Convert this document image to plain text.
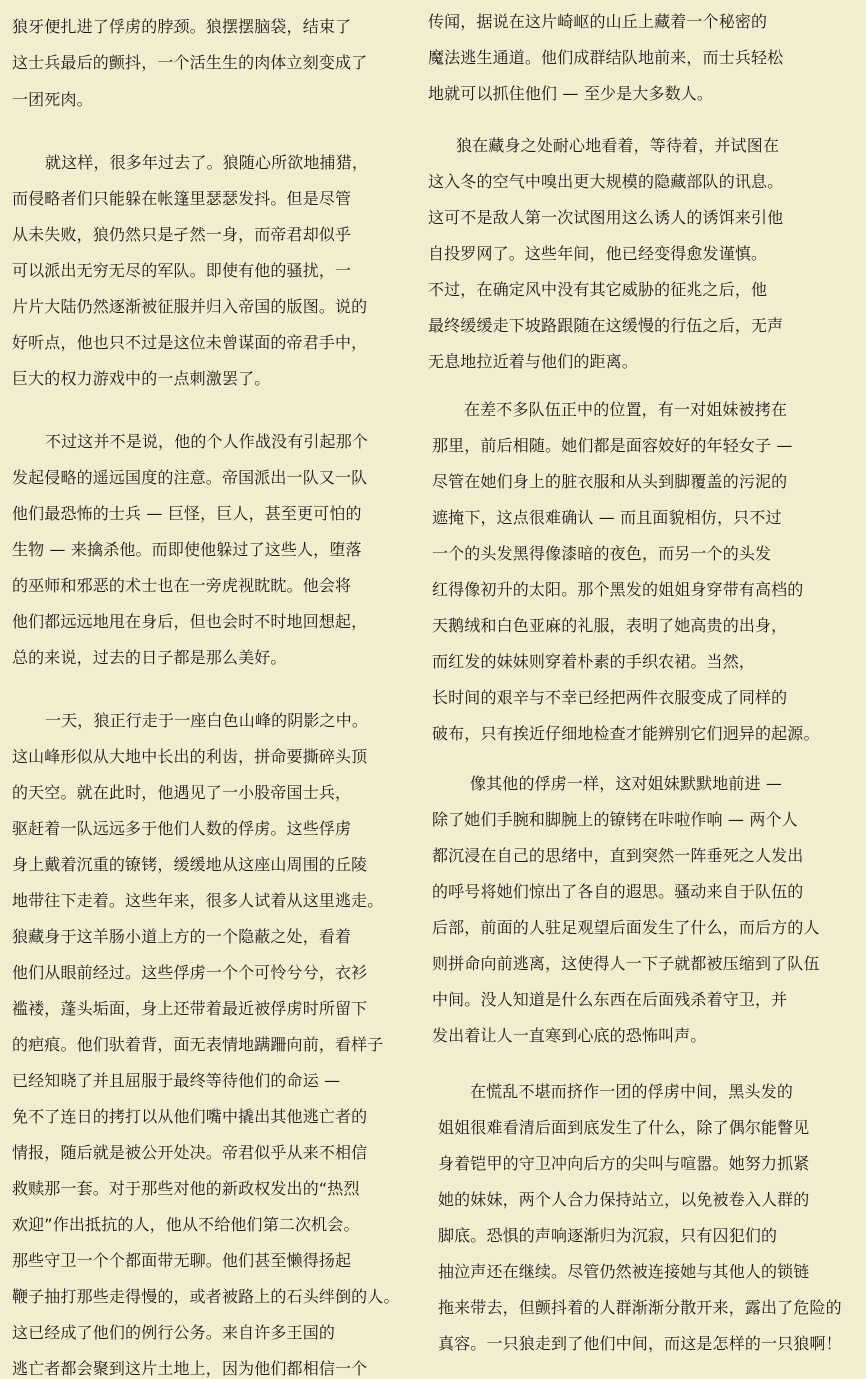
狼牙便扎进了俘虏的脖颈。狼摆摆脑袋，结束了
这士兵最后的颤抖，一个活生生的肉体立刻变成了
一团死肉。
就这样，很多年过去了。狼随心所欲地捕猎，
而侵略者们只能躲在帐篷里瑟瑟发抖。但是尽管
从未失败，狼仍然只是孑然一身，而帝君却似乎
可以派出无穷无尽的军队。即使有他的骚扰，一
片片大陆仍然逐渐被征服并归入帝国的版图。说的
好听点，他也只不过是这位未曾谋面的帝君手中，
巨大的权力游戏中的一点刺激罢了。
不过这并不是说，他的个人作战没有引起那个
发起侵略的遥远国度的注意。帝国派出一队又一队
他们最恐怖的士兵 — 巨怪，巨人，甚至更可怕的
生物 — 来擒杀他。而即使他躲过了这些人，堕落
的巫师和邪恶的术士也在一旁虎视眈眈。他会将
他们都远远地甩在身后，但也会时不时地回想起，
总的来说，过去的日子都是那么美好。
一天，狼正行走于一座白色山峰的阴影之中。
这山峰形似从大地中长出的利齿，拼命要撕碎头顶
的天空。就在此时，他遇见了一小股帝国士兵，
驱赶着一队远远多于他们人数的俘虏。这些俘虏
身上戴着沉重的镣铐，缓缓地从这座山周围的丘陵
地带往下走着。这些年来，很多人试着从这里逃走。
狼藏身于这羊肠小道上方的一个隐蔽之处，看着
他们从眼前经过。这些俘虏一个个可怜兮兮，衣衫
褴褛，蓬头垢面，身上还带着最近被俘虏时所留下
的疤痕。他们驮着背，面无表情地蹒跚向前，看样子
已经知晓了并且屈服于最终等待他们的命运 —
免不了连日的拷打以从他们嘴中撬出其他逃亡者的
情报，随后就是被公开处决。帝君似乎从来不相信
救赎那一套。对于那些对他的新政权发出的“热烈
欢迎”作出抵抗的人，他从不给他们第二次机会。
那些守卫一个个都面带无聊。他们甚至懒得扬起
鞭子抽打那些走得慢的，或者被路上的石头绊倒的人。
这已经成了他们的例行公务。来自许多王国的
逃亡者都会聚到这片土地上，因为他们都相信一个
传闻，据说在这片崎岖的山丘上藏着一个秘密的
魔法逃生通道。他们成群结队地前来，而士兵轻松
地就可以抓住他们 — 至少是大多数人。
狼在藏身之处耐心地看着，等待着，并试图在
这入冬的空气中嗅出更大规模的隐藏部队的讯息。
这可不是敌人第一次试图用这么诱人的诱饵来引他
自投罗网了。这些年间，他已经变得愈发谨慎。
不过，在确定风中没有其它威胁的征兆之后，他
最终缓缓走下坡路跟随在这缓慢的行伍之后，无声
无息地拉近着与他们的距离。
在差不多队伍正中的位置，有一对姐妹被拷在
那里，前后相随。她们都是面容姣好的年轻女子 —
尽管在她们身上的脏衣服和从头到脚覆盖的污泥的
遮掩下，这点很难确认 — 而且面貌相仿，只不过
一个的头发黑得像漆暗的夜色，而另一个的头发
红得像初升的太阳。那个黑发的姐姐身穿带有高档的
天鹅绒和白色亚麻的礼服，表明了她高贵的出身，
而红发的妹妹则穿着朴素的手织农裙。当然，
长时间的艰辛与不幸已经把两件衣服变成了同样的
破布，只有挨近仔细地检查才能辨别它们迥异的起源。
像其他的俘虏一样，这对姐妹默默地前进 —
除了她们手腕和脚腕上的镣铐在咔啦作响 — 两个人
都沉浸在自己的思绪中，直到突然一阵垂死之人发出
的呼号将她们惊出了各自的遐思。骚动来自于队伍的
后部，前面的人驻足观望后面发生了什么，而后方的人
则拼命向前逃离，这使得人一下子就都被压缩到了队伍
中间。没人知道是什么东西在后面残杀着守卫，并
发出着让人一直寒到心底的恐怖叫声。
在慌乱不堪而挤作一团的俘虏中间，黑头发的
姐姐很难看清后面到底发生了什么，除了偶尔能瞥见
身着铠甲的守卫冲向后方的尖叫与喧嚣。她努力抓紧
她的妹妹，两个人合力保持站立，以免被卷入人群的
脚底。恐惧的声响逐渐归为沉寂，只有囚犯们的
抽泣声还在继续。尽管仍然被连接她与其他人的锁链
拖来带去，但颤抖着的人群渐渐分散开来，露出了危险的
真容。一只狼走到了他们中间，而这是怎样的一只狼啊！
